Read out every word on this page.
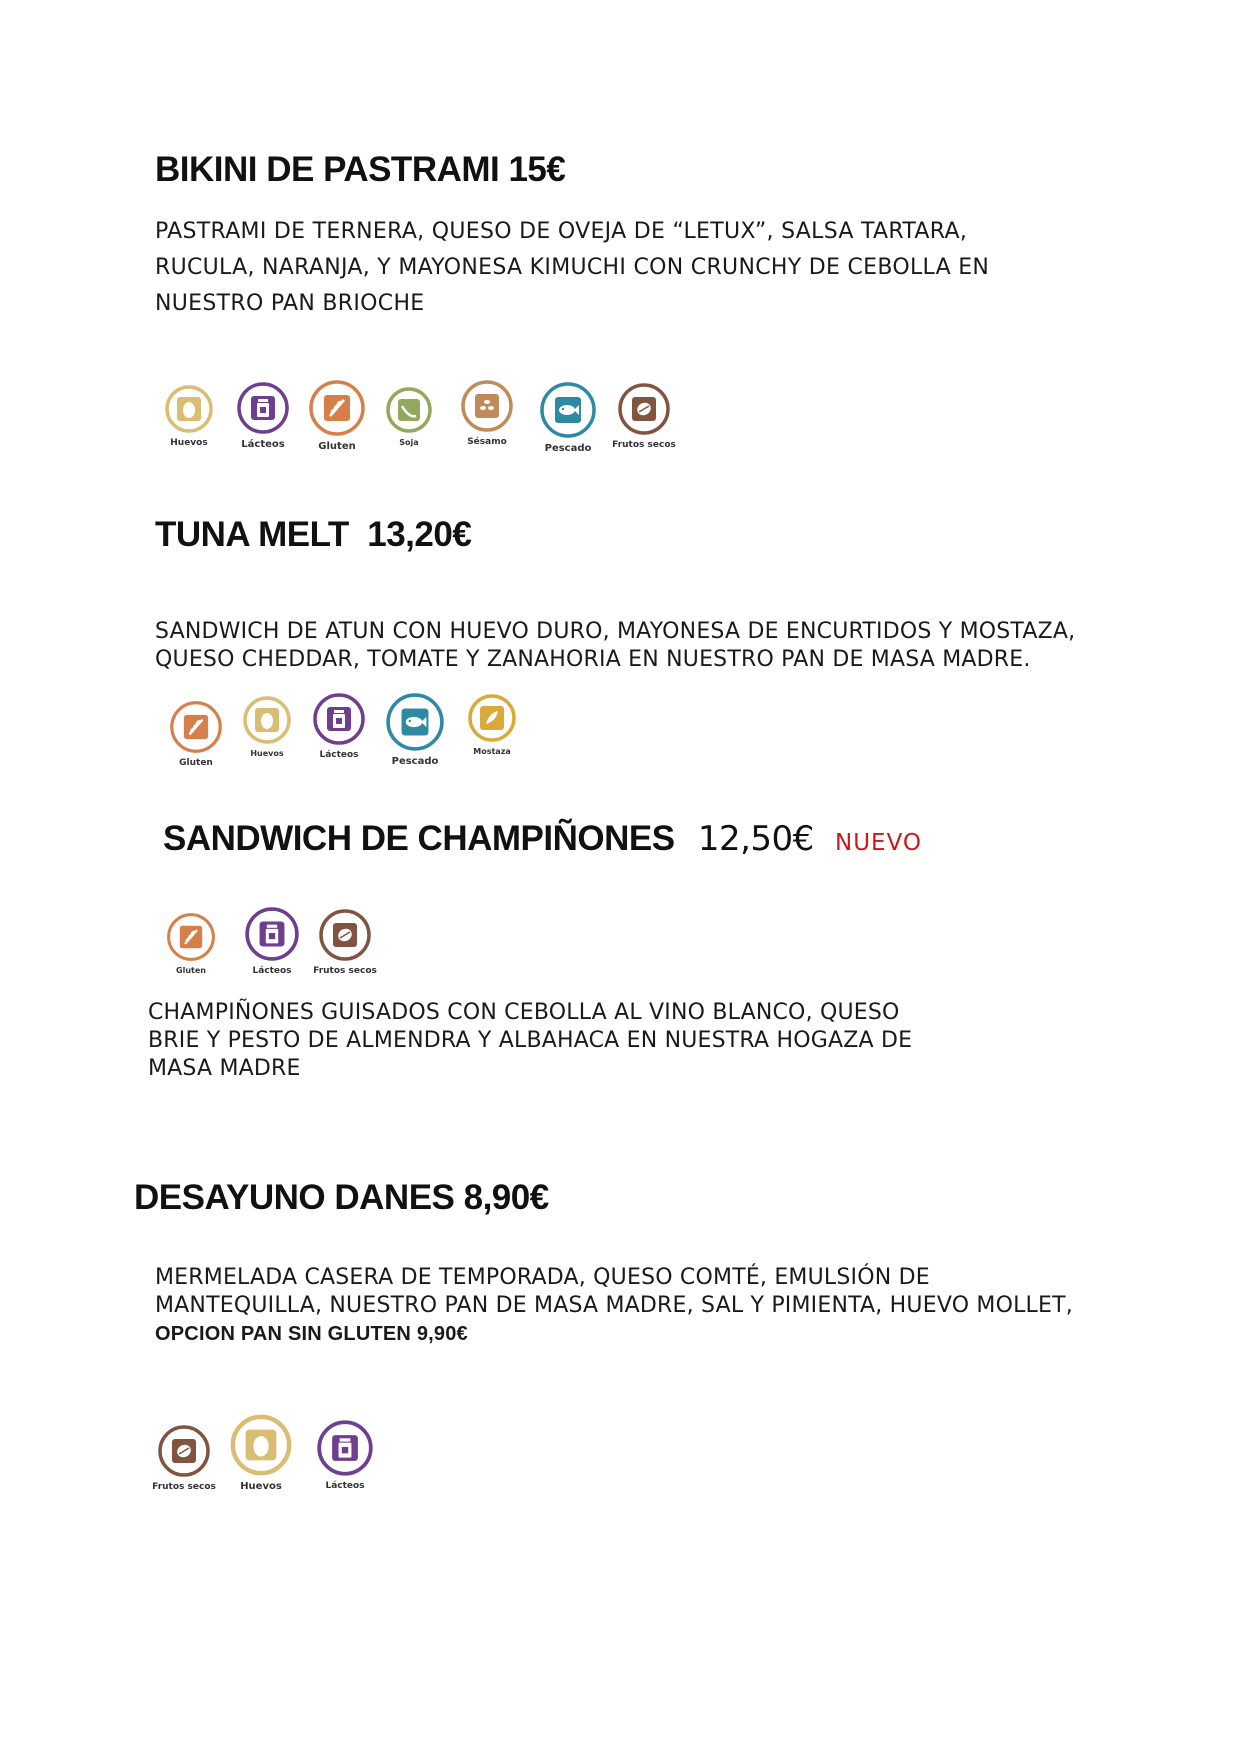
BIKINI DE PASTRAMI 15€
PASTRAMI DE TERNERA, QUESO DE OVEJA DE “LETUX”, SALSA TARTARA,
RUCULA, NARANJA, Y MAYONESA KIMUCHI CON CRUNCHY DE CEBOLLA EN
NUESTRO PAN BRIOCHE
Huevos	Lácteos	Gluten	Soja	Sésamo
Pescado	Frutos secos
TUNA MELT  13,20€
SANDWICH DE ATUN CON HUEVO DURO, MAYONESA DE ENCURTIDOS Y MOSTAZA,
QUESO CHEDDAR, TOMATE Y ZANAHORIA EN NUESTRO PAN DE MASA MADRE.
Gluten
Huevos	Lácteos
Pescado
Mostaza
SANDWICH DE CHAMPIÑONES 12,50€ NUEVO
Gluten	Lácteos	Frutos secos
CHAMPIÑONES GUISADOS CON CEBOLLA AL VINO BLANCO, QUESO
BRIE Y PESTO DE ALMENDRA Y ALBAHACA EN NUESTRA HOGAZA DE
MASA MADRE
DESAYUNO DANES 8,90€
MERMELADA CASERA DE TEMPORADA, QUESO COMTÉ, EMULSIÓN DE
MANTEQUILLA, NUESTRO PAN DE MASA MADRE, SAL Y PIMIENTA, HUEVO MOLLET,
OPCION PAN SIN GLUTEN 9,90€
Frutos secos	Huevos	Lácteos
